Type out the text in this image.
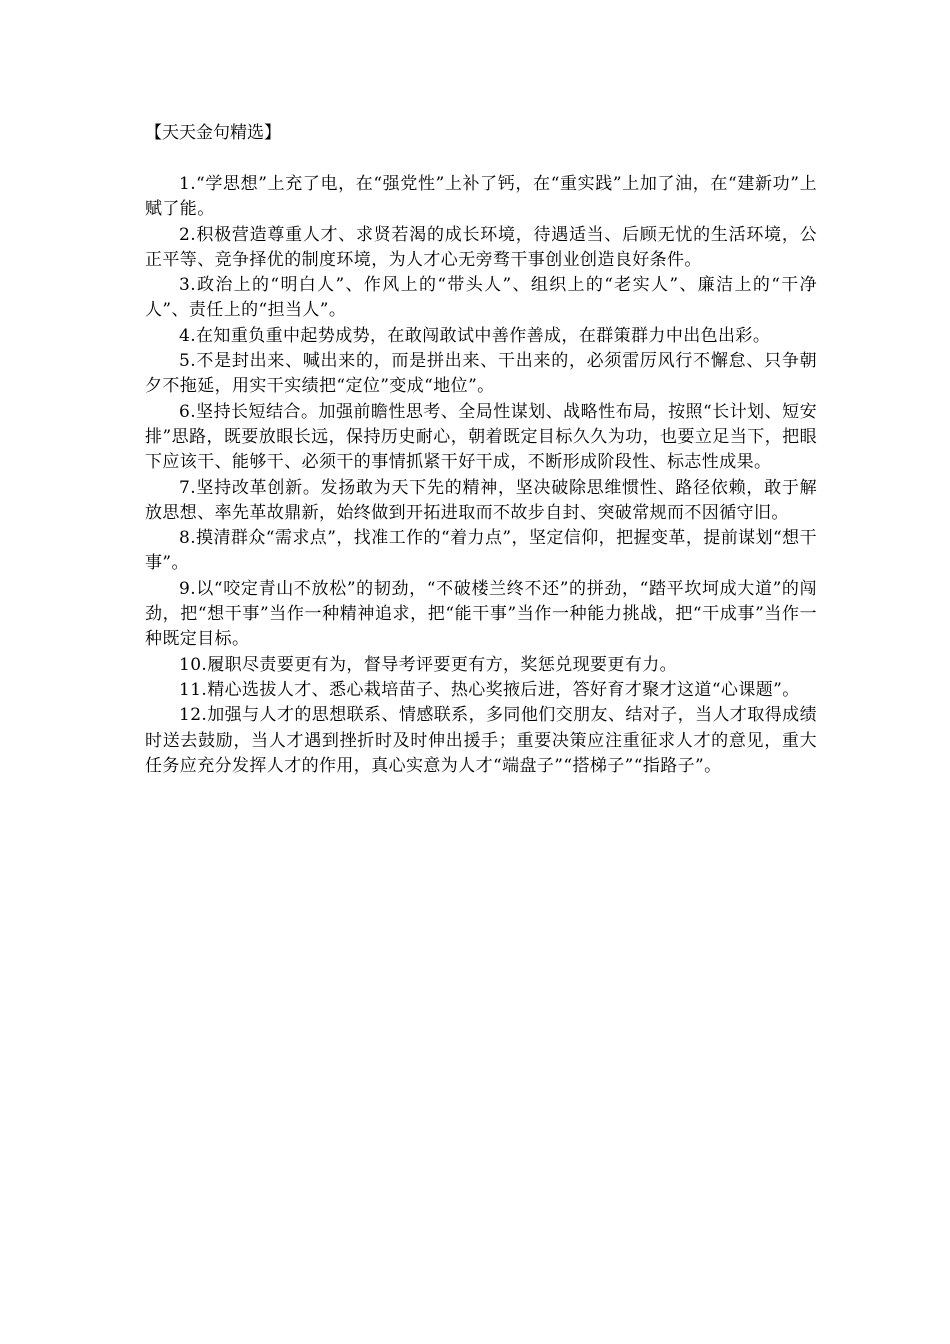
【天天金句精选】

1.“学思想”上充了电，在“强党性”上补了钙，在“重实践”上加了油，在“建新功”上赋了能。

2.积极营造尊重人才、求贤若渴的成长环境，待遇适当、后顾无忧的生活环境，公正平等、竞争择优的制度环境，为人才心无旁骛干事创业创造良好条件。

3.政治上的“明白人”、作风上的“带头人”、组织上的“老实人”、廉洁上的“干净人”、责任上的“担当人”。

4.在知重负重中起势成势，在敢闯敢试中善作善成，在群策群力中出色出彩。

5.不是封出来、喊出来的，而是拼出来、干出来的，必须雷厉风行不懈怠、只争朝夕不拖延，用实干实绩把“定位”变成“地位”。

6.坚持长短结合。加强前瞻性思考、全局性谋划、战略性布局，按照“长计划、短安排”思路，既要放眼长远，保持历史耐心，朝着既定目标久久为功，也要立足当下，把眼下应该干、能够干、必须干的事情抓紧干好干成，不断形成阶段性、标志性成果。

7.坚持改革创新。发扬敢为天下先的精神，坚决破除思维惯性、路径依赖，敢于解放思想、率先革故鼎新，始终做到开拓进取而不故步自封、突破常规而不因循守旧。

8.摸清群众“需求点”，找准工作的“着力点”，坚定信仰，把握变革，提前谋划“想干事”。

9.以“咬定青山不放松”的韧劲，“不破楼兰终不还”的拼劲，“踏平坎坷成大道”的闯劲，把“想干事”当作一种精神追求，把“能干事”当作一种能力挑战，把“干成事”当作一种既定目标。

10.履职尽责要更有为，督导考评要更有方，奖惩兑现要更有力。

11.精心选拔人才、悉心栽培苗子、热心奖掖后进，答好育才聚才这道“心课题”。

12.加强与人才的思想联系、情感联系，多同他们交朋友、结对子，当人才取得成绩时送去鼓励，当人才遇到挫折时及时伸出援手；重要决策应注重征求人才的意见，重大任务应充分发挥人才的作用，真心实意为人才“端盘子”“搭梯子”“指路子”。
